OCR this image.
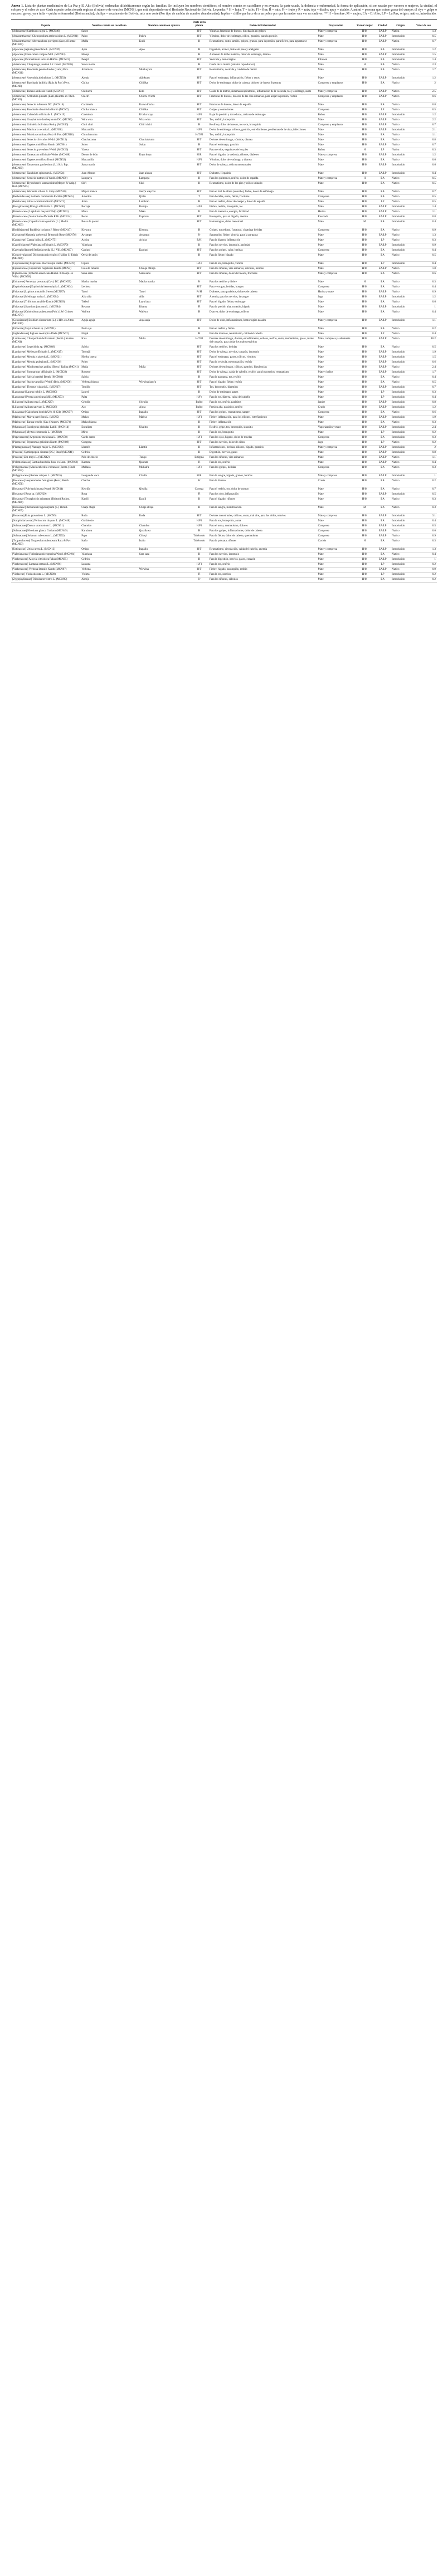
Anexo 1. Lista de plantas medicinales de La Paz y El Alto (Bolivia) ordenadas alfabéticamente según las familias. Se incluyen los nombres científicos, el nombre común en castellano y en aymara, la parte usada, la dolencia o enfermedad, la forma de aplicación, si son usadas por varones o mujeres, la ciudad, el colspeo y el valor de uso. Cada especie coleccionada registra el número de voucher (MCNS), que está depositado en el Herbario Nacional de Bolivia. Leyenda: * H = hoja; T = tallo; Fl = flor; R = raíz; Fr = fruto y R = raíz; toja = diablo; apuy = ataúdo; A animi = persona que extrae grasa del cuerpo; dl riye = golpe o susceso; goroy, yara tulla = quiche enfermedad (Boiras andia); cholips = escalmente de Bolivia; arte uno corte (Por tipo de carbón de nombre abandonadas); Inpiba = chillo que hace da a un pobre por que la madre va a ver un cadáver; ** H = hombre; M = mujer; EA = El Alto; LP = La Paz; origen: nativo, introducido.
Especie	Nombre común en castellano	Nombre común en aymara	Parte de la planta	Dolencia/Enfermedad	Preparación	Varón/ mujer	Ciudad	Origen	Valor de uso
[Adoxaceae] Sambucus nigra L. (MCN40)	Sauce		H/T	Viruelas, fracturas de huesos, hinchazón en golpes	Mate y compresa	H/M	EA/LP	Nativa	1.3
[Amaranthaceae] Chenopodium ambrosioides L. (MCN81)	Paico	Paik'u	H/T	Vómitos, dolor de estómago, cólico, gastritis, para la presión	Mate	H/M	EA/LP	Introducido	0.5
[Amaranthaceae] Alternanthera porrigens (Jacq.) Kuntze (MCN25)	Mulla	Kulli	H	Reumatismo, susto, artritis, golpes, granos, para la presión, para fiebre, para aguantarse	Mate y compresa	H/M	EA/LP	Nativa	0.7
[Apiaceae] Apium graveolens L. (MCN39)	Apio	Apio	H	Digestión, acidez, frutas de peso y adelgazar	Mate	H/M	EA	Introducido	1.2
[Apiaceae] Foeniculum vulgare Mill. (MCN43)	Hinojo		H	Aumento de leche materna, dolor de estómago, diarrea	Mate	H/M	EA/LP	Introducido	1.5
[Apiaceae] Petroselinum sativum Hoffm. (MCN23)	Perejil		H/T	Vesícula y hemorragias	Infusión	H/M	EA	Introducido	1.4
[Asteraceae] Chuquiraga jussieui J.F. Gmel. (MCN85)	Santa maría		H	Cuido de la matriz (sistema reproductor)	Mate	H	EA	Nativo	2.3
[Asteraceae] Baccharis genistelloides (Lam.) Pers. (MCN11)	Alfamisio	Munkuyula	H/T	Reumatismo, vesícula y cuidado de matriz	Mate	H/M	EA	Nativo	1.7
[Asteraceae] Artemisia absinthium L. (MCN33)	Ajenjo	Ajinkuyu	H/T	Para el estómago, inflamación, fiebre y otros	Mate	H/M	EA/LP	Introducido	1.2
[Asteraceae] Baccharis latifolia (Ruiz & Pav.) Pers. (MCN8)	Chilca	Ch'illka	H/T	Dolor de estómago, dolor de cabeza, dolores de hueso, fracturas	Compresa y emplastos	H/M	EA	Nativo	2
[Asteraceae] Bidens andicola Kunth (MCN17)	Chiriuchi	Kiki	H/T	Caída de la matriz, sistemas respiratorios, inflamación de la vesícula, tos y estómago, susto	Mate y compresa	H/M	EA/LP	Nativo	2.5
[Asteraceae] Schkuhria pinnata (Lam.) Kuntze ex Thell. (MCN2)	Chich'i	Ch'ichi ch'ichi	H/T	Fracturas de huesos, dolores de las vías urinarias, para alejar la presión, resfrío	Compresa y emplastos	H/M	EA/LP	Nativo	0.6
[Asteraceae] Senecio rufescens DC. (MCN16)	Cachéanla	Kaiwa k'achu	H/T	Fracturas de huesos, dolor de espalda	Mate	H/M	EA	Nativo	0.8
[Asteraceae] Baccharis obtusifolia Kunth (MCN7)	Chilka blanca	Ch'illka	H/T	Golpes y contusiones	Compresa	H/M	LP	Nativo	0.5
[Asteraceae] Calendula officinalis L. (MCN19)	Caléndula	K'ocha k'aya	H/Fl	Bajar la presión y torceduras, cólicos de estómago	Baños	H/M	EA/LP	Introducido	1.2
[Asteraceae] Gnaphalium dombeyanum DC. (MCN6)	Wira wira	Wira wira	H/T	Tos, resfrío, bronquitis	Mate	H/M	EA/LP	Nativo	2.2
[Asteraceae] Grindelia boliviana Rusby (MCN46)	Chiri chiri	Ch'iri ch'iri	H	Resfrío y dolor de huesos, tos seca, bronquitis	Compresa y emplastos	H/M	EA/LP	Nativo	0.7
[Asteraceae] Matricaria recutita L. (MCN38)	Manzanilla		H/Fl	Dolor de estómago, cólicos, gastritis, estreñimiento, problemas de la vista, infecciones	Mate	H/M	EA/LP	Introducido	2.1
[Asteraceae] Mutisia acuminata Ruiz & Pav. (MCN18)	Chinchircoma		H/T/Fl	Tos, resfrío, bronquitis	Mate	H/M	EA	Nativo	1.1
[Asteraceae] Senecio clivicolus Wedd. (MCN12)	Chachacoma	Chachak'uma	H/T	Dolores de estómago, vómitos, diarrea	Mate	H/M	EA	Nativo	0.8
[Asteraceae] Tagetes multiflora Kunth (MCN61)	Suico	Suiqu	H	Para el estómago, gastritis	Mate	H/M	EA/LP	Nativo	0.7
[Asteraceae] Senecio graveolens Wedd. (MCN26)	Yareta		H/T	Para nervios, esguinces de los pies	Baños	H	LP	Nativa	0.3
[Asteraceae] Taraxacum officinale Weber (MCN88)	Diente de león	Kupa kupa	H/R	Para el hígado, la vesícula, riñones, diabetes	Mate y compresa	H/M	EA/LP	Introducido	1.2
[Asteraceae] Tagetes terniflora Kunth (MCN32)	Manzanilla		H/Fl	Vómitos, dolor de estómago y diarrea	Mate	H/M	EA	Nativo	0.6
[Asteraceae] Tanacetum parthenium (L.) Sch. Bip. (MCN60)	Santa maría		H/T	Dolor de cabeza, cólicos menstruales	Mate	H/M	EA/LP	Introducido	0.6
[Asteraceae] Xanthium spinosum L. (MCN54)	Juan Alonso	Juan alunsu	H/T	Diabetes, Hepatitis	Mate	H/M	EA/LP	Introducido	0.4
[Asteraceae] Senecio mathewsii Wedd. (MCN90)	Lampaya	Lampaya	H	Para los pulmones, resfrío, dolor de espalda	Mate y compresa	H	EA	Nativo	0.5
[Asteraceae] Hypochaeris taraxacoides (Meyen & Walp.) Ball (MCN55)	Sik'i	Sik'i	R	Reumatismo, dolor de los pies y cólico urinario	Mate	H/M	EA	Nativo	0.5
[Asteraceae] Werneria villosa A. Gray (MCN50)	Mayor blanca	Janq'u waychu	H/T	Para el mal de altura (soroche), fiebre, dolor de estómago	Mate	H/M	EA	Nativo	0.7
[Berberidaceae] Berberis commutata Eichler (MCN45)	Amarillo	Q'ellu	T	Para heridas, susto, fiebre, fracturas	Compresa	H/M	EA	Nativo	0.5
[Betulaceae] Alnus acuminata Kunth (MCN71)	Aliso	Lambran	H	Para el resfrío, dolor de cuerpo y dolor de espalda	Mate	H/M	LP	Nativo	0.5
[Boraginaceae] Borago officinalis L. (MCN30)	Borraja	Burraja	H/Fl	Fiebre, resfrío, bronquitis, tos	Mate	H/M	EA/LP	Introducido	1.4
[Brassicaceae] Lepidium meyenii Walp. (MCN53)	Maca	Maka	R	Para la memoria, energía, fertilidad	Harina	H/M	EA/LP	Nativo	1.1
[Brassicaceae] Nasturtium officinale R.Br. (MCN34)	Berro	Uqururu	H/T	Bronquitis, para el hígado, anemia	Ensalada	H/M	EA/LP	Introducido	0.8
[Brassicaceae] Capsella bursa-pastoris (L.) Medik. (MCN63)	Bolsa de pastor		H/T	Hemorragias, dolor menstrual	Mate	M	EA	Introducido	0.4
[Buddlejaceae] Buddleja coriacea J. Rémy (MCN47)	Kiswara	Kiswara	H	Golpes, torceduras, fracturas, cicatrizar heridas	Compresa	H/M	EA	Nativo	0.9
[Cactaceae] Opuntia soehrensii Britton & Rose (MCN76)	Ayrampo	Ayrampu	Fr	Sarampión, fiebre, viruela, para la garganta	Mate	H/M	EA/LP	Nativo	1.3
[Cannaceae] Canna indica L. (MCN75)	Achira	Achira	R/H	Para la diarrea, inflamación	Mate	H/M	LP	Nativo	0.3
[Caprifoliaceae] Valeriana officinalis L. (MCN79)	Valeriana		R	Para los nervios, insomnio, ansiedad	Mate	H/M	EA/LP	Introducido	0.9
[Caryophyllaceae] Stellaria media (L.) Vill. (MCN67)	Capiqui	Kapiqui	H/T	Para los golpes, calor, heridas	Compresa	H/M	EA	Introducido	0.4
[Convolvulaceae] Dichondra microcalyx (Hallier f.) Fabris (MCN66)	Oreja de ratón		H	Para la fiebre, hígado	Mate	H/M	EA	Nativo	0.5
[Cupressaceae] Cupressus macrocarpa Hartw. (MCN70)	Ciprés		H/Fr	Para la tos, bronquitis, várices	Mate	H/M	LP	Introducido	0.4
[Equisetaceae] Equisetum bogotense Kunth (MCN3)	Cola de caballo	Chhiqa chhiqa	H/T	Para los riñones, vías urinarias, cálculos, heridas	Mate	H/M	EA/LP	Nativo	1.8
[Ephedraceae] Ephedra americana Humb. & Bonpl. ex Willd. (MCN58)	Sanu sanu	Sanu sanu	H/T	Para los riñones, dolor de huesos, fracturas	Mate y compresa	H/M	EA	Nativo	0.6
[Ericaceae] Pernettya prostrata (Cav.) DC. (MCN59)	Macha macha	Macha macha	Fr	Para los resfríos y fiebre	Mate	H	EA	Nativo	0.3
[Euphorbiaceae] Euphorbia heterophylla L. (MCN64)	Lechera		H/T	Para verrugas, heridas, hongos	Compresa	H/M	EA	Nativo	0.4
[Fabaceae] Lupinus mutabilis Sweet (MCN87)	Tarwi	Tarwi	Fr/H	Diabetes, para parásitos, dolores de cabeza	Harina y mate	H/M	EA/LP	Nativo	0.9
[Fabaceae] Medicago sativa L. (MCN24)	Alfa alfa	Alfa	H/T	Anemia, para los nervios, la sangre	Jugo	H/M	EA/LP	Introducido	1.2
[Fabaceae] Trifolium amabile Kunth (MCN69)	Trébol	Layu layu	H/T	Para el hígado, fiebre, estómago	Mate	H/M	EA	Nativo	0.6
[Fabaceae] Spartium junceum L. (MCN84)	Retama	Ritama	Fl	Para la presión alta, corazón, hígado	Mate	H/M	EA/LP	Introducido	1
[Fabaceae] Otholobium pubescens (Poir.) J.W. Grimes (MCN77)	Wallwa	Wallwa	H	Diarrea, dolor de estómago, cólicos	Mate	H/M	EA	Nativo	0.4
[Geraniaceae] Erodium cicutarium (L.) L'Hér. ex Aiton (MCN10)	Aguja aguja	Auja auja	H/T	Dolor de oído, inflamaciones, hemorragias nasales	Mate y compresa	H/M	EA/LP	Introducido	1.1
[Iridaceae] Sisyrinchium sp. (MCN91)	Pasto ajo		H	Para el resfrío y fiebre	Mate	H/M	EA	Nativo	0.2
[Juglandaceae] Juglans neotropica Diels (MCN72)	Nogal		H	Para las diarreas, reumatismo, caída del cabello	Mate	H/M	LP	Nativo	0.4
[Lamiaceae] Clinopodium bolivianum (Benth.) Kuntze (MCN4)	K'oa	Muña	H/T/Fl	Dolores de estómago, diarrea, estreñimiento, cólicos, resfrío, susto, reumatismo, gases, males del corazón, para alejar los malos espíritus	Mate, compresa y sahumerio	H/M	EA/LP	Nativo	10.2
[Lamiaceae] Lepechinia sp. (MCN68)	Salvia		H/T	Para los resfríos, heridas	Mate	H/M	EA	Nativo	0.5
[Lamiaceae] Melissa officinalis L. (MCN15)	Toronjil		H/T	Dolor de cabeza, nervios, corazón, insomnio	Mate	H/M	EA/LP	Introducido	1.9
[Lamiaceae] Mentha x piperita L. (MCN21)	Hierba buena		H/T	Para el estómago, gases, cólicos, vómitos	Mate	H/M	EA/LP	Introducido	1.5
[Lamiaceae] Mentha pulegium L. (MCN36)	Poleo		H/T	Para la vesícula, menstruación, resfrío	Mate	H/M	EA/LP	Introducido	0.6
[Lamiaceae] Minthostachys andina (Brett.) Epling (MCN1)	Muña	Muña	H/T	Dolores de estómago, cólicos, gastritis, flatulencias	Mate	H/M	EA/LP	Nativo	2.4
[Lamiaceae] Rosmarinus officinalis L. (MCN22)	Romero		H/T	Dolor de cabeza, caída de cabello, resfrío, para los nervios, reumatismo	Mate y baños	H/M	EA/LP	Introducido	1.7
[Lamiaceae] Salvia haenkei Benth. (MCN83)	Salvia		H	Para la garganta, tos, resfrío	Mate	H/M	EA	Nativo	0.4
[Lamiaceae] Stachys pusilla (Wedd.) Briq. (MCN56)	Verbena blanca	Wirwina janq'u	H/T	Para el hígado, fiebre, resfrío	Mate	H/M	EA	Nativo	0.5
[Lamiaceae] Thymus vulgaris L. (MCN37)	Tomillo		H/T	Tos, bronquitis, digestión	Mate	H/M	EA/LP	Introducido	0.7
[Lauraceae] Laurus nobilis L. (MCN80)	Laurel		H	Dolor de estómago, gases	Mate	H/M	LP	Introducido	0.3
[Lauraceae] Persea americana Mill. (MCN73)	Palta		H/Fr	Para la tos, diarrea, caída del cabello	Mate	H/M	LP	Introducido	0.4
[Liliaceae] Allium cepa L. (MCN27)	Cebolla	Siwulla	Bulbo	Para la tos, resfrío, parásitos	Jarabe	H/M	EA/LP	Introducido	0.8
[Liliaceae] Allium sativum L. (MCN28)	Ajo	Ajusa	Bulbo	Presión alta, parásitos, resfrío	Crudo	H/M	EA/LP	Introducido	1.2
[Loasaceae] Cajophora horrida Urb. & Gilg (MCN57)	Ortiga	Itapallu	H/T	Para los golpes, reumatismo, sangre	Compresa	H/M	EA	Nativo	0.6
[Malvaceae] Malva parviflora L. (MCN5)	Malva	Malwa	H/Fl	Fiebre, inflamación, para los riñones, estreñimiento	Mate	H/M	EA/LP	Introducido	1.9
[Malvaceae] Tarasa tenella (Cav.) Krapov. (MCN74)	Malva blanca		H	Fiebre, inflamación	Mate	H/M	EA	Nativo	0.3
[Myrtaceae] Eucalyptus globulus Labill. (MCN14)	Eucalipto	Ukalitu	H	Resfrío, gripe, tos, bronquitis, sinusitis	Vaporización y mate	H/M	EA/LP	Introducido	2.4
[Myrtaceae] Myrtus communis L. (MCN82)	Mirto		H	Para la tos, bronquitis	Mate	H/M	LP	Introducido	0.2
[Papaveraceae] Argemone mexicana L. (MCN78)	Cardo santo		H/Fl	Para los ojos, hígado, dolor de muelas	Compresa	H/M	EA	Introducido	0.3
[Piperaceae] Peperomia galioides Kunth (MCN89)	Congona		H/T	Para los nervios, dolor de oídos	Jugo	H/M	LP	Nativo	0.2
[Plantaginaceae] Plantago major L. (MCN20)	Llantén	Llantin	H	Inflamaciones, heridas, riñones, hígado, gastritis	Mate y compresa	H/M	EA/LP	Introducido	2
[Poaceae] Cymbopogon citratus (DC.) Stapf (MCN41)	Cedrón		H	Digestión, nervios, gases	Mate	H/M	EA/LP	Introducido	0.8
[Poaceae] Zea mays L. (MCN42)	Pelo de choclo	Tunqu	Estigma	Para los riñones, vías urinarias	Mate	H/M	EA/LP	Nativo	1.1
[Polemoniaceae] Cantua buxifolia Juss. ex Lam. (MCN62)	Kantuta	Qantuta	Fl	Para la tos, resfrío	Mate	H/M	EA/LP	Nativo	0.4
[Polygonaceae] Muehlenbeckia volcanica (Benth.) Endl. (MCN52)	Mullaca	Mullak'a	H/Fr	Para los golpes, heridas	Compresa	H/M	EA	Nativo	0.3
[Polygonaceae] Rumex crispus L. (MCN35)	Lengua de vaca	Ch'ulla	H/R	Para la sangre, hígado, granos, heridas	Mate y compresa	H/M	EA/LP	Introducido	1
[Rosaceae] Hesperomeles ferruginea (Pers.) Benth. (MCN51)	Chacha		Fr	Para la diarrea	Crudo	H/M	EA	Nativo	0.2
[Rosaceae] Polylepis incana Kunth (MCN44)	Kewiña	Qiwiña	Corteza	Para el resfrío, tos, dolor de cuerpo	Mate	H/M	EA	Nativo	0.7
[Rosaceae] Rosa sp. (MCN29)	Rosa		Fl	Para los ojos, inflamación	Mate	H/M	EA/LP	Introducido	0.5
[Rosaceae] Tetraglochin cristatum (Britton) Rothm. (MCN86)	Kanlli	Kanlli	R	Para el hígado, riñones	Mate	H/M	EA	Nativo	0.3
[Rubiaceae] Relbunium hypocarpium (L.) Hemsl. (MCN65)	Chapi chapi	Ch'api ch'api	R	Para la sangre, menstruación	Mate	M	EA	Nativo	0.3
[Rutaceae] Ruta graveolens L. (MCN9)	Ruda	Ruda	H/T	Dolores menstruales, cólicos, susto, mal aire, para los oídos, nervios	Mate y compresa	H/M	EA/LP	Introducido	3.1
[Scrophulariaceae] Verbascum thapsus L. (MCN48)	Gordolobo		H/Fl	Para la tos, bronquitis, asma	Mate	H/M	EA	Introducido	0.4
[Solanaceae] Datura stramonium L. (MCN31)	Chamico	Chamiku	H/Fl	Para el asma, reumatismo, dolores	Compresa	H/M	EA/LP	Introducido	0.5
[Solanaceae] Nicotiana glauca Graham (MCN49)	Karalawa	Qarallawa	H	Para los golpes, inflamaciones, dolor de cabeza	Compresa	H/M	EA/LP	Nativo	0.6
[Solanaceae] Solanum tuberosum L. (MCN92)	Papa	Ch'uqi	Tubérculo	Para la fiebre, dolor de cabeza, quemaduras	Compresa	H/M	EA/LP	Nativo	0.9
[Tropaeolaceae] Tropaeolum tuberosum Ruiz & Pav. (MCN93)	Isaño	Isañu	Tubérculo	Para la próstata, riñones	Cocido	H	EA	Nativo	0.3
[Urticaceae] Urtica urens L. (MCN13)	Ortiga	Itapallu	H/T	Reumatismo, circulación, caída del cabello, anemia	Mate y compresa	H/M	EA/LP	Introducido	1.3
[Valerianaceae] Valeriana micropterina Wedd. (MCN94)	Valeriana	Sara sara	R	Para los nervios, insomnio	Mate	H/M	EA	Nativo	0.4
[Verbenaceae] Aloysia citriodora Palau (MCN95)	Cedrón		H	Para la digestión, nervios, gases, corazón	Mate	H/M	EA/LP	Introducido	1
[Verbenaceae] Lantana camara L. (MCN96)	Lantana		H/Fl	Para la tos, resfrío	Mate	H/M	LP	Introducido	0.2
[Verbenaceae] Verbena litoralis Kunth (MCN97)	Verbena	Wirwina	H/T	Fiebre, hígado, sarampión, resfrío	Mate	H/M	EA/LP	Nativo	0.9
[Violaceae] Viola odorata L. (MCN98)	Violeta		Fl	Para la tos, nervios	Mate	H/M	LP	Introducido	0.2
[Zygophyllaceae] Tribulus terrestris L. (MCN99)	Abrojo		Fr	Para los riñones, cálculos	Mate	H/M	EA	Introducido	0.2
